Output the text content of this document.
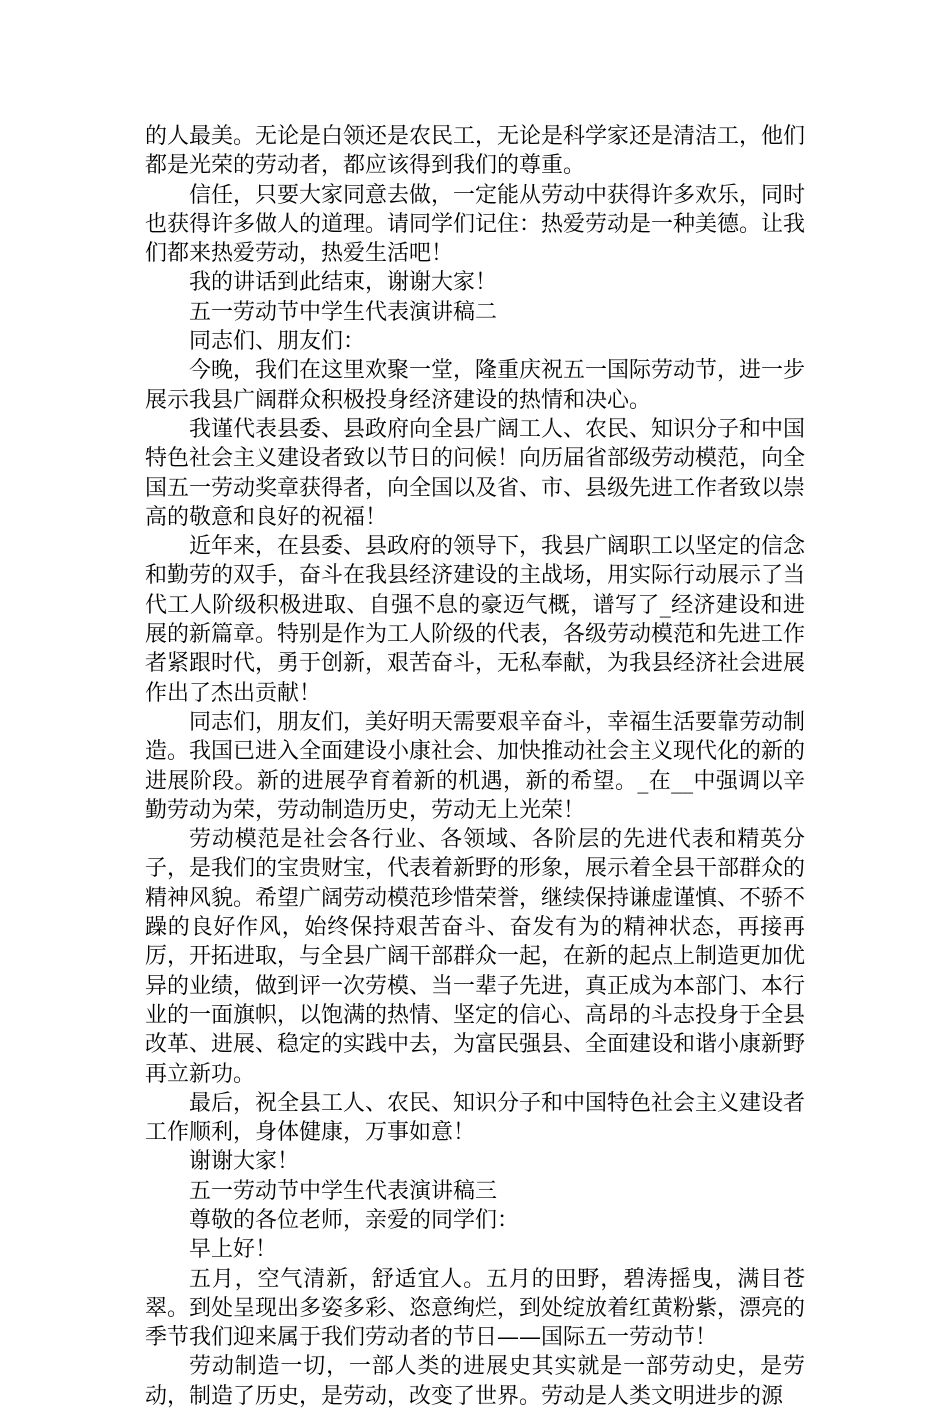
的人最美。无论是白领还是农民工，无论是科学家还是清洁工，他们都是光荣的劳动者，都应该得到我们的尊重。

信任，只要大家同意去做，一定能从劳动中获得许多欢乐，同时也获得许多做人的道理。请同学们记住：热爱劳动是一种美德。让我们都来热爱劳动，热爱生活吧！

我的讲话到此结束，谢谢大家！

五一劳动节中学生代表演讲稿二

同志们、朋友们：

今晚，我们在这里欢聚一堂，隆重庆祝五一国际劳动节，进一步展示我县广阔群众积极投身经济建设的热情和决心。

我谨代表县委、县政府向全县广阔工人、农民、知识分子和中国特色社会主义建设者致以节日的问候！向历届省部级劳动模范，向全国五一劳动奖章获得者，向全国以及省、市、县级先进工作者致以崇高的敬意和良好的祝福！

近年来，在县委、县政府的领导下，我县广阔职工以坚定的信念和勤劳的双手，奋斗在我县经济建设的主战场，用实际行动展示了当代工人阶级积极进取、自强不息的豪迈气概，谱写了_经济建设和进展的新篇章。特别是作为工人阶级的代表，各级劳动模范和先进工作者紧跟时代，勇于创新，艰苦奋斗，无私奉献，为我县经济社会进展作出了杰出贡献！

同志们，朋友们，美好明天需要艰辛奋斗，幸福生活要靠劳动制造。我国已进入全面建设小康社会、加快推动社会主义现代化的新的进展阶段。新的进展孕育着新的机遇，新的希望。_在__中强调以辛勤劳动为荣，劳动制造历史，劳动无上光荣！

劳动模范是社会各行业、各领域、各阶层的先进代表和精英分子，是我们的宝贵财宝，代表着新野的形象，展示着全县干部群众的精神风貌。希望广阔劳动模范珍惜荣誉，继续保持谦虚谨慎、不骄不躁的良好作风，始终保持艰苦奋斗、奋发有为的精神状态，再接再厉，开拓进取，与全县广阔干部群众一起，在新的起点上制造更加优异的业绩，做到评一次劳模、当一辈子先进，真正成为本部门、本行业的一面旗帜，以饱满的热情、坚定的信心、高昂的斗志投身于全县改革、进展、稳定的实践中去，为富民强县、全面建设和谐小康新野再立新功。

最后，祝全县工人、农民、知识分子和中国特色社会主义建设者工作顺利，身体健康，万事如意！

谢谢大家！

五一劳动节中学生代表演讲稿三

尊敬的各位老师，亲爱的同学们：

早上好！

五月，空气清新，舒适宜人。五月的田野，碧涛摇曳，满目苍翠。到处呈现出多姿多彩、恣意绚烂，到处绽放着红黄粉紫，漂亮的季节我们迎来属于我们劳动者的节日——国际五一劳动节！

劳动制造一切，一部人类的进展史其实就是一部劳动史，是劳动，制造了历史，是劳动，改变了世界。劳动是人类文明进步的源
